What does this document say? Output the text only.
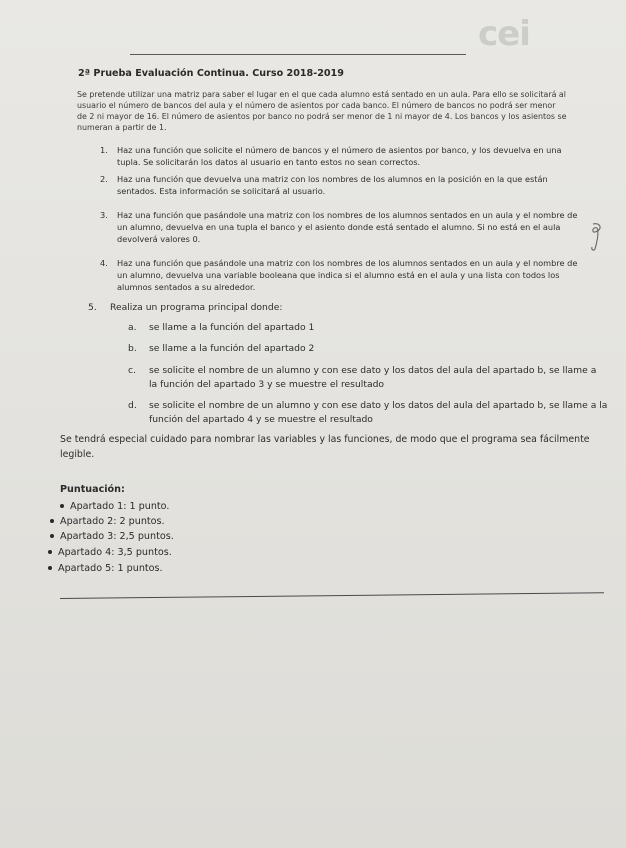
cei
2ª Prueba Evaluación Continua. Curso 2018-2019
Se pretende utilizar una matriz para saber el lugar en el que cada alumno está sentado en un aula. Para ello se solicitará al usuario el número de bancos del aula y el número de asientos por cada banco. El número de bancos no podrá ser menor de 2 ni mayor de 16. El número de asientos por banco no podrá ser menor de 1 ni mayor de 4. Los bancos y los asientos se numeran a partir de 1.
1. Haz una función que solicite el número de bancos y el número de asientos por banco, y los devuelva en una tupla. Se solicitarán los datos al usuario en tanto estos no sean correctos.
2. Haz una función que devuelva una matriz con los nombres de los alumnos en la posición en la que están sentados. Esta información se solicitará al usuario.
3. Haz una función que pasándole una matriz con los nombres de los alumnos sentados en un aula y el nombre de un alumno, devuelva en una tupla el banco y el asiento donde está sentado el alumno. Si no está en el aula devolverá valores 0.
4. Haz una función que pasándole una matriz con los nombres de los alumnos sentados en un aula y el nombre de un alumno, devuelva una variable booleana que indica si el alumno está en el aula y una lista con todos los alumnos sentados a su alrededor.
5. Realiza un programa principal donde:
a. se llame a la función del apartado 1
b. se llame a la función del apartado 2
c. se solicite el nombre de un alumno y con ese dato y los datos del aula del apartado b, se llame a la función del apartado 3 y se muestre el resultado
d. se solicite el nombre de un alumno y con ese dato y los datos del aula del apartado b, se llame a la función del apartado 4 y se muestre el resultado
Se tendrá especial cuidado para nombrar las variables y las funciones, de modo que el programa sea fácilmente legible.
Puntuación:
Apartado 1: 1 punto.
Apartado 2: 2 puntos.
Apartado 3: 2,5 puntos.
Apartado 4: 3,5 puntos.
Apartado 5: 1 puntos.
